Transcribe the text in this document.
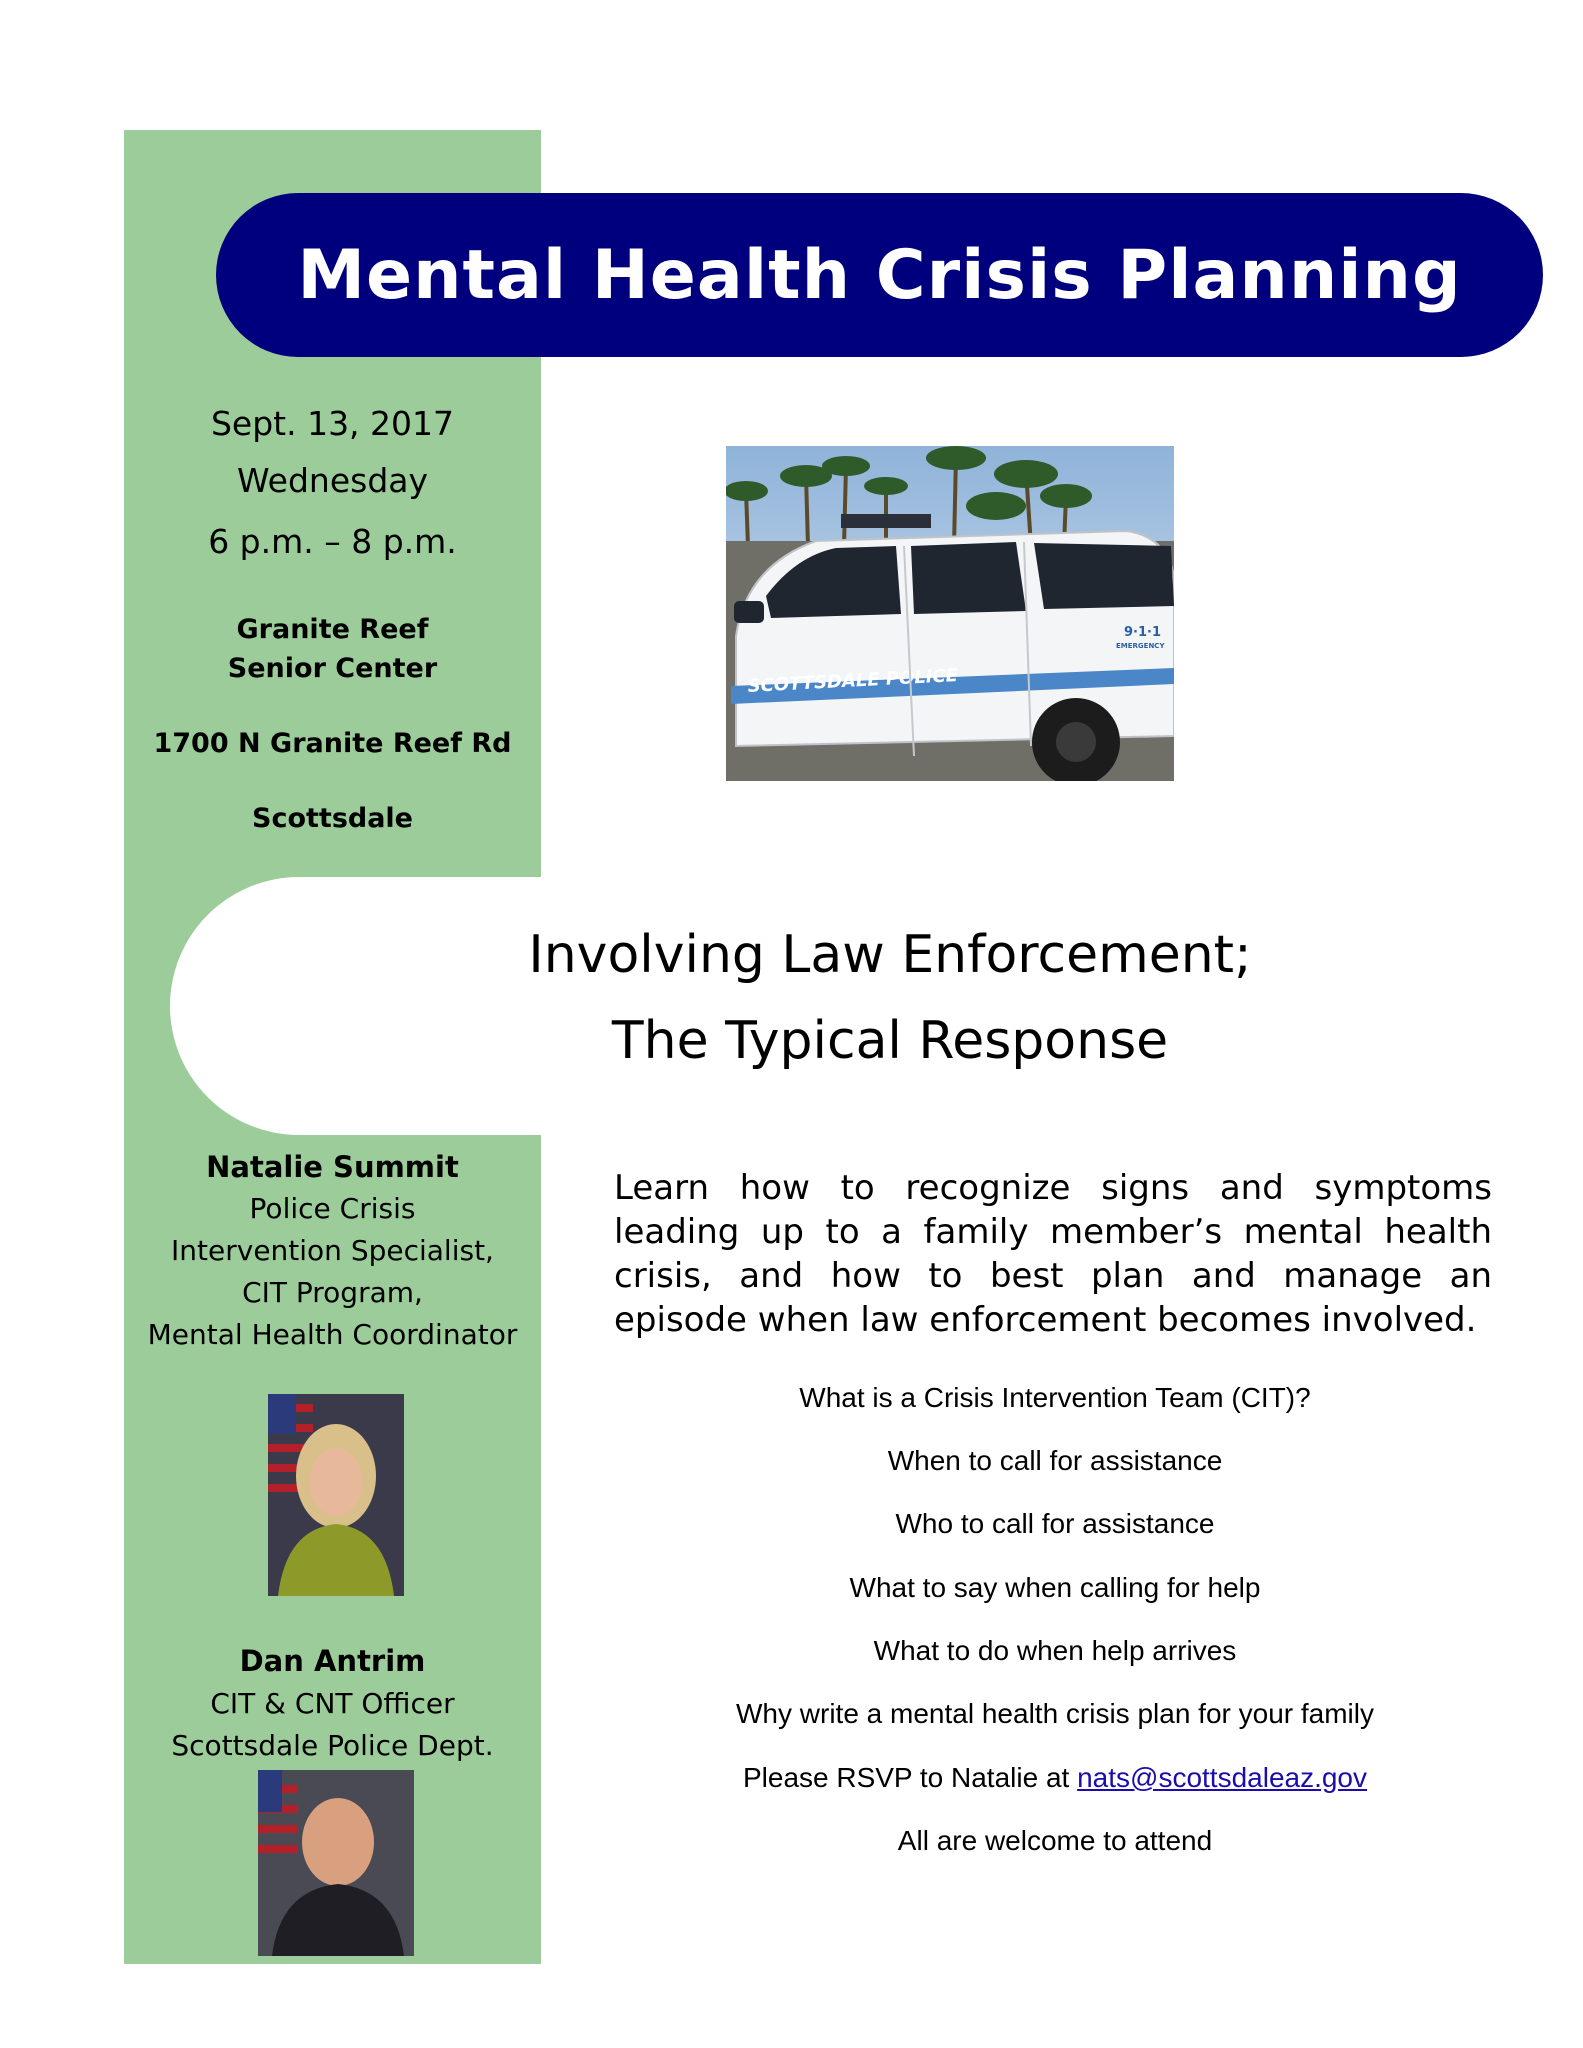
Mental Health Crisis Planning
Sept. 13, 2017
Wednesday
6 p.m. – 8 p.m.
Granite Reef
Senior Center
1700 N Granite Reef Rd
Scottsdale
SCOTTSDALE POLICE
9·1·1
EMERGENCY
Involving Law Enforcement;
The Typical Response
Learn how to recognize signs and symptoms leading up to a family member’s mental health crisis, and how to best plan and manage an episode when law enforcement becomes involved.
What is a Crisis Intervention Team (CIT)?
When to call for assistance
Who to call for assistance
What to say when calling for help
What to do when help arrives
Why write a mental health crisis plan for your family
Please RSVP to Natalie at nats@scottsdaleaz.gov
All are welcome to attend
Natalie Summit
Police Crisis
Intervention Specialist,
CIT Program,
Mental Health Coordinator
Dan Antrim
CIT & CNT Officer
Scottsdale Police Dept.
